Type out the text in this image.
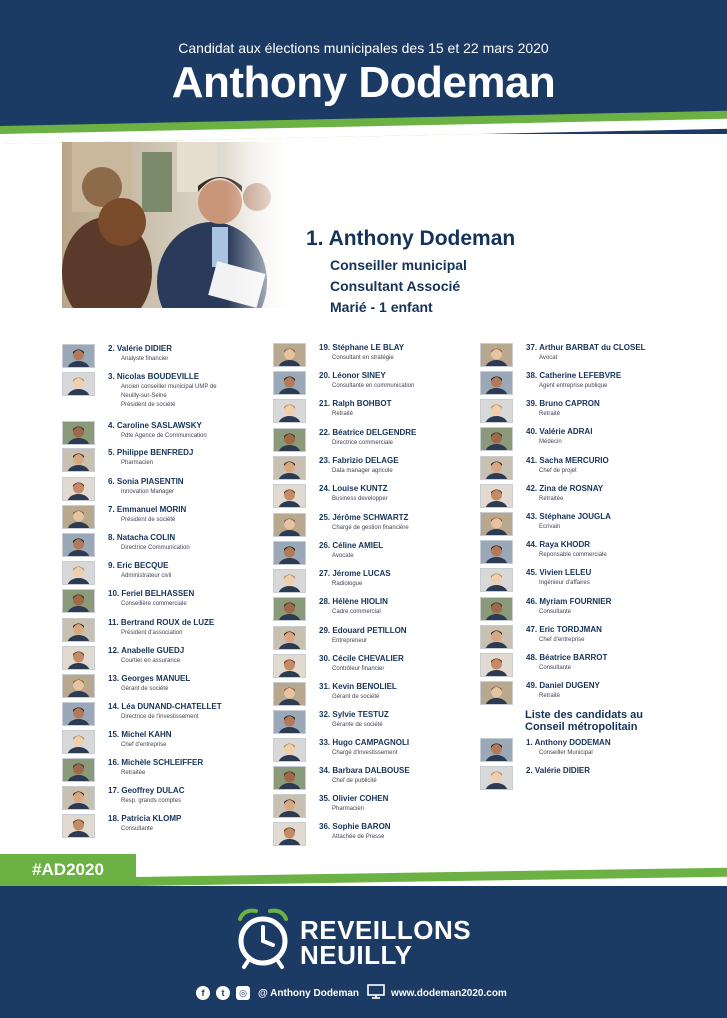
Candidat aux élections municipales des 15 et 22 mars 2020
Anthony Dodeman
1. Anthony Dodeman
Conseiller municipal
Consultant Associé
Marié - 1 enfant
2. Valérie DIDIER
Analyste financier
3. Nicolas BOUDEVILLE
Ancien conseiller municipal UMP de
Neuilly-sur-Seine
Président de société
4. Caroline SASLAWSKY
Pdte Agence de Communication
5. Philippe BENFREDJ
Pharmacien
6. Sonia PIASENTIN
Innovation Manager
7. Emmanuel MORIN
Président de société
8. Natacha COLIN
Directrice Communication
9. Eric BECQUE
Administrateur civil
10. Feriel BELHASSEN
Conseillère commerciale
11. Bertrand ROUX de LUZE
Président d'association
12. Anabelle GUEDJ
Courtier en assurance
13. Georges MANUEL
Gérant de société
14. Léa DUNAND-CHATELLET
Directrice de l'investissement
15. Michel KAHN
Chef d'entreprise
16. Michèle SCHLEIFFER
Retraitée
17. Geoffrey DULAC
Resp. grands comptes
18. Patricia KLOMP
Consultante
19. Stéphane LE BLAY
Consultant en stratégie
20. Léonor SINEY
Consultante en communication
21. Ralph BOHBOT
Retraité
22. Béatrice DELGENDRE
Directrice commerciale
23. Fabrizio DELAGE
Data manager agricole
24. Louise KUNTZ
Business developper
25. Jérôme SCHWARTZ
Chargé de gestion financière
26. Céline AMIEL
Avocate
27. Jérome LUCAS
Radiologue
28. Hélène HIOLIN
Cadre commercial
29. Edouard PETILLON
Entrepreneur
30. Cécile CHEVALIER
Contrôleur financier
31. Kevin BENOLIEL
Gérant de société
32. Sylvie TESTUZ
Gérante de société
33. Hugo CAMPAGNOLI
Chargé d'investissement
34. Barbara DALBOUSE
Chef de publicité
35. Olivier COHEN
Pharmacien
36. Sophie BARON
Attachée de Presse
37. Arthur BARBAT du CLOSEL
Avocat
38. Catherine LEFEBVRE
Agent entreprise publique
39. Bruno CAPRON
Retraité
40. Valérie ADRAI
Médecin
41. Sacha MERCURIO
Chef de projet
42. Zina de ROSNAY
Retraitée
43. Stéphane JOUGLA
Ecrivain
44. Raya KHODR
Reponsable commerciale
45. Vivien LELEU
Ingénieur d'affaires
46. Myriam FOURNIER
Consultante
47. Eric TORDJMAN
Chef d'entreprise
48. Béatrice BARROT
Consultante
49. Daniel DUGENY
Retraité
Liste des candidats au
Conseil métropolitain
1. Anthony DODEMAN
Conseiller Municipal
2. Valérie DIDIER
#AD2020
REVEILLONS
NEUILLY
f	t	◎	@ Anthony Dodeman	www.dodeman2020.com
